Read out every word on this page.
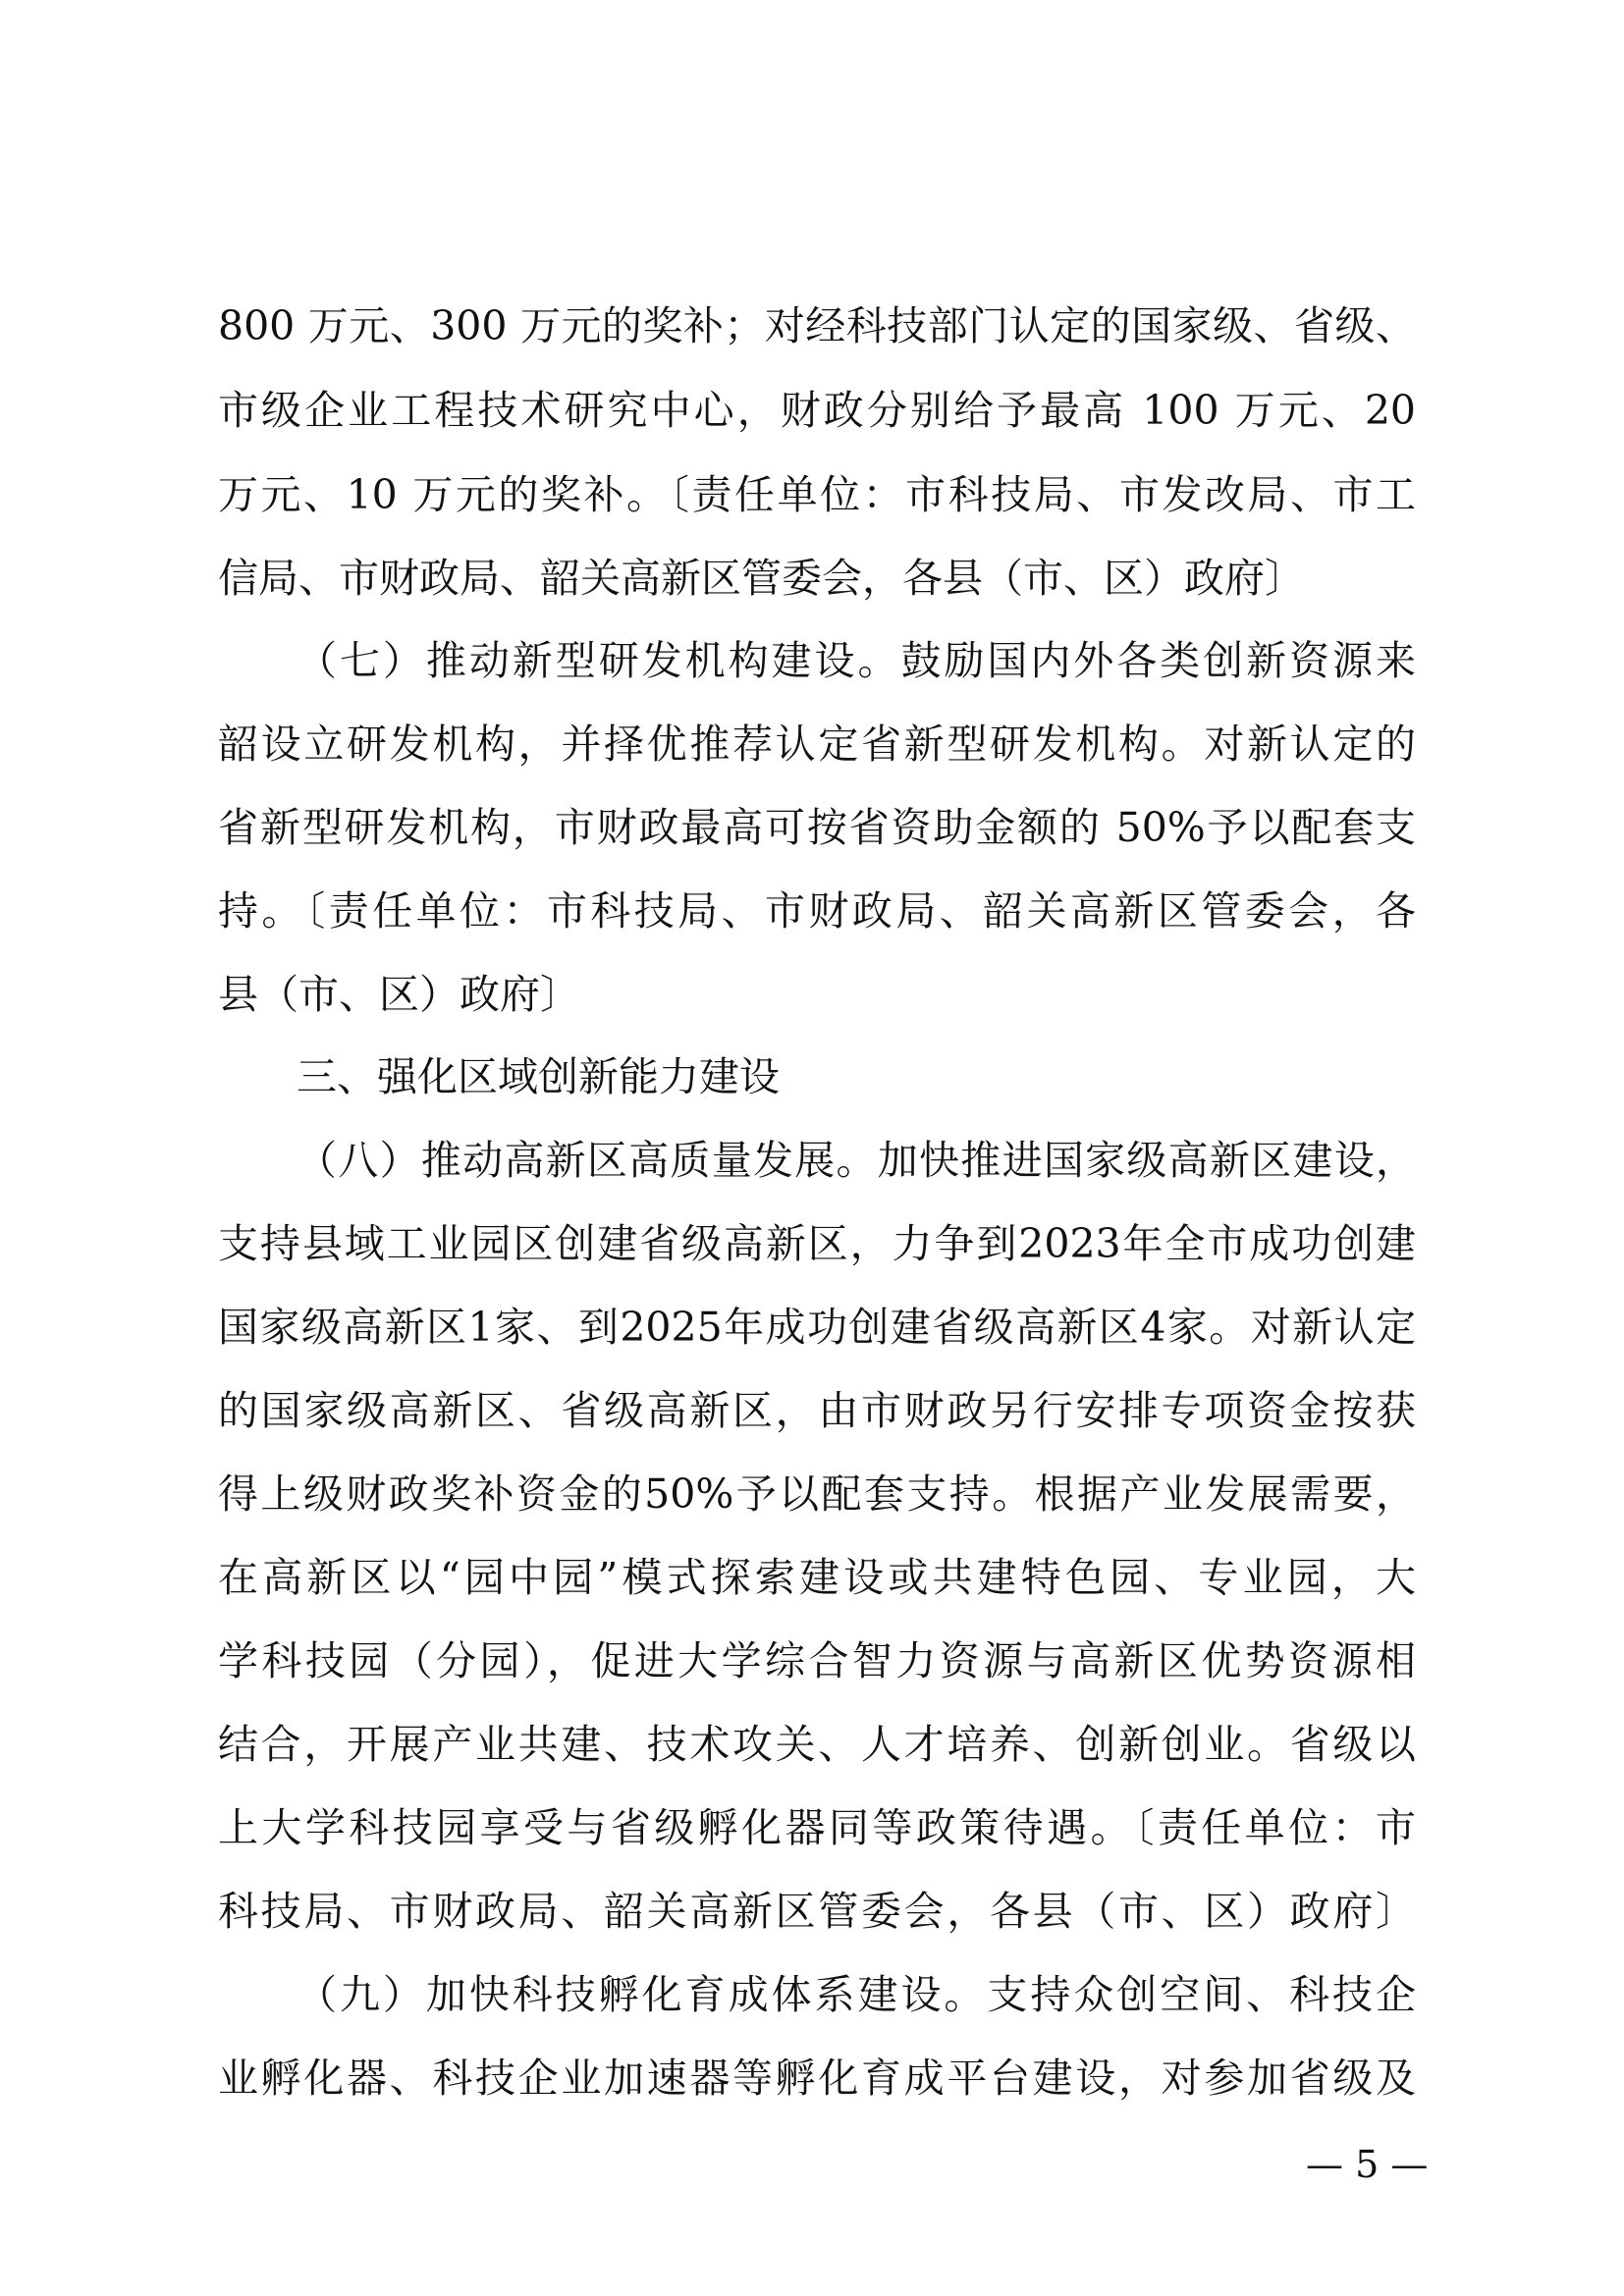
800 万元、300 万元的奖补；对经科技部门认定的国家级、省级、
市级企业工程技术研究中心，财政分别给予最高 100 万元、20
万元、10 万元的奖补。〔责任单位：市科技局、市发改局、市工
信局、市财政局、韶关高新区管委会，各县（市、区）政府〕
（七）推动新型研发机构建设。鼓励国内外各类创新资源来
韶设立研发机构，并择优推荐认定省新型研发机构。对新认定的
省新型研发机构，市财政最高可按省资助金额的 50%予以配套支
持。〔责任单位：市科技局、市财政局、韶关高新区管委会，各
县（市、区）政府〕
三、强化区域创新能力建设
（八）推动高新区高质量发展。加快推进国家级高新区建设，
支持县域工业园区创建省级高新区，力争到2023年全市成功创建
国家级高新区1家、到2025年成功创建省级高新区4家。对新认定
的国家级高新区、省级高新区，由市财政另行安排专项资金按获
得上级财政奖补资金的50%予以配套支持。根据产业发展需要，
在高新区以“园中园”模式探索建设或共建特色园、专业园，大
学科技园（分园），促进大学综合智力资源与高新区优势资源相
结合，开展产业共建、技术攻关、人才培养、创新创业。省级以
上大学科技园享受与省级孵化器同等政策待遇。〔责任单位：市
科技局、市财政局、韶关高新区管委会，各县（市、区）政府〕
（九）加快科技孵化育成体系建设。支持众创空间、科技企
业孵化器、科技企业加速器等孵化育成平台建设，对参加省级及
— 5 —
